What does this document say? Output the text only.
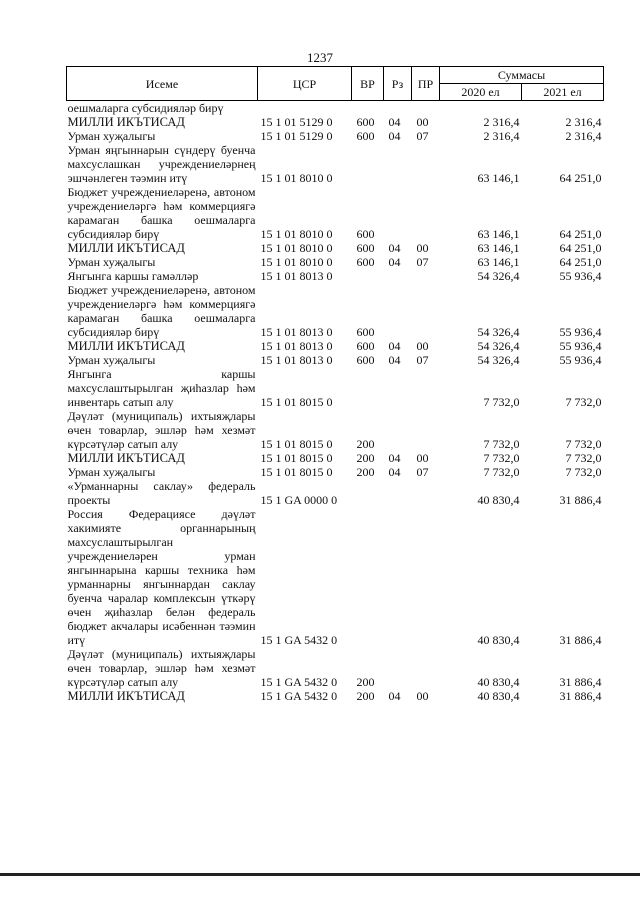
1237
Исеме	ЦСР	ВР	Рз	ПР	Суммасы	
					2020 ел	2021 ел
оешмаларга субсидияләр бирү						
МИЛЛИ ИКЪТИСАД	15 1 01 5129 0	600	04	00	2 316,4	2 316,4
Урман хуҗалыгы	15 1 01 5129 0	600	04	07	2 316,4	2 316,4
Урман яңгыннарын сүндерү буенча махсуслашкан учреждениеләрнең эшчәнлеген тәэмин итү	15 1 01 8010 0				63 146,1	64 251,0
Бюджет учреждениеләренә, автоном учреждениеләргә һәм коммерциягә карамаган башка оешмаларга субсидияләр бирү	15 1 01 8010 0	600			63 146,1	64 251,0
МИЛЛИ ИКЪТИСАД	15 1 01 8010 0	600	04	00	63 146,1	64 251,0
Урман хуҗалыгы	15 1 01 8010 0	600	04	07	63 146,1	64 251,0
Янгынга каршы гамәлләр	15 1 01 8013 0				54 326,4	55 936,4
Бюджет учреждениеләренә, автоном учреждениеләргә һәм коммерциягә карамаган башка оешмаларга субсидияләр бирү	15 1 01 8013 0	600			54 326,4	55 936,4
МИЛЛИ ИКЪТИСАД	15 1 01 8013 0	600	04	00	54 326,4	55 936,4
Урман хуҗалыгы	15 1 01 8013 0	600	04	07	54 326,4	55 936,4
Янгынга каршы махсуслаштырылган җиһазлар һәм инвентарь сатып алу	15 1 01 8015 0				7 732,0	7 732,0
Дәүләт (муниципаль) ихтыяҗлары өчен товарлар, эшләр һәм хезмәт күрсәтүләр сатып алу	15 1 01 8015 0	200			7 732,0	7 732,0
МИЛЛИ ИКЪТИСАД	15 1 01 8015 0	200	04	00	7 732,0	7 732,0
Урман хуҗалыгы	15 1 01 8015 0	200	04	07	7 732,0	7 732,0
«Урманнарны саклау» федераль проекты	15 1 GA 0000 0				40 830,4	31 886,4
Россия Федерациясе дәүләт хакимияте органнарының махсуслаштырылган учреждениеләрен урман янгыннарына каршы техника һәм урманнарны янгыннардан саклау буенча чаралар комплексын үткәрү өчен җиһазлар белән федераль бюджет акчалары исәбеннән тәэмин итү	15 1 GA 5432 0				40 830,4	31 886,4
Дәүләт (муниципаль) ихтыяҗлары өчен товарлар, эшләр һәм хезмәт күрсәтүләр сатып алу	15 1 GA 5432 0	200			40 830,4	31 886,4
МИЛЛИ ИКЪТИСАД	15 1 GA 5432 0	200	04	00	40 830,4	31 886,4
